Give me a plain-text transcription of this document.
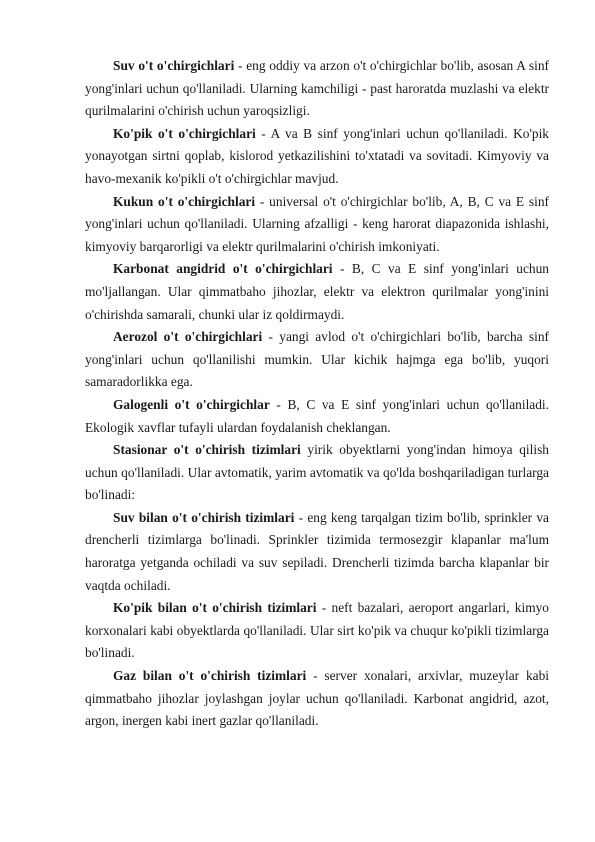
Suv o't o'chirgichlari - eng oddiy va arzon o't o'chirgichlar bo'lib, asosan A sinf yong'inlari uchun qo'llaniladi. Ularning kamchiligi - past haroratda muzlashi va elektr qurilmalarini o'chirish uchun yaroqsizligi.

Ko'pik o't o'chirgichlari - A va B sinf yong'inlari uchun qo'llaniladi. Ko'pik yonayotgan sirtni qoplab, kislorod yetkazilishini to'xtatadi va sovitadi. Kimyoviy va havo-mexanik ko'pikli o't o'chirgichlar mavjud.

Kukun o't o'chirgichlari - universal o't o'chirgichlar bo'lib, A, B, C va E sinf yong'inlari uchun qo'llaniladi. Ularning afzalligi - keng harorat diapazonida ishlashi, kimyoviy barqarorligi va elektr qurilmalarini o'chirish imkoniyati.

Karbonat angidrid o't o'chirgichlari - B, C va E sinf yong'inlari uchun mo'ljallangan. Ular qimmatbaho jihozlar, elektr va elektron qurilmalar yong'inini o'chirishda samarali, chunki ular iz qoldirmaydi.

Aerozol o't o'chirgichlari - yangi avlod o't o'chirgichlari bo'lib, barcha sinf yong'inlari uchun qo'llanilishi mumkin. Ular kichik hajmga ega bo'lib, yuqori samaradorlikka ega.

Galogenli o't o'chirgichlar - B, C va E sinf yong'inlari uchun qo'llaniladi. Ekologik xavflar tufayli ulardan foydalanish cheklangan.

Stasionar o't o'chirish tizimlari yirik obyektlarni yong'indan himoya qilish uchun qo'llaniladi. Ular avtomatik, yarim avtomatik va qo'lda boshqariladigan turlarga bo'linadi:

Suv bilan o't o'chirish tizimlari - eng keng tarqalgan tizim bo'lib, sprinkler va drencherli tizimlarga bo'linadi. Sprinkler tizimida termosezgir klapanlar ma'lum haroratga yetganda ochiladi va suv sepiladi. Drencherli tizimda barcha klapanlar bir vaqtda ochiladi.

Ko'pik bilan o't o'chirish tizimlari - neft bazalari, aeroport angarlari, kimyo korxonalari kabi obyektlarda qo'llaniladi. Ular sirt ko'pik va chuqur ko'pikli tizimlarga bo'linadi.

Gaz bilan o't o'chirish tizimlari - server xonalari, arxivlar, muzeylar kabi qimmatbaho jihozlar joylashgan joylar uchun qo'llaniladi. Karbonat angidrid, azot, argon, inergen kabi inert gazlar qo'llaniladi.
